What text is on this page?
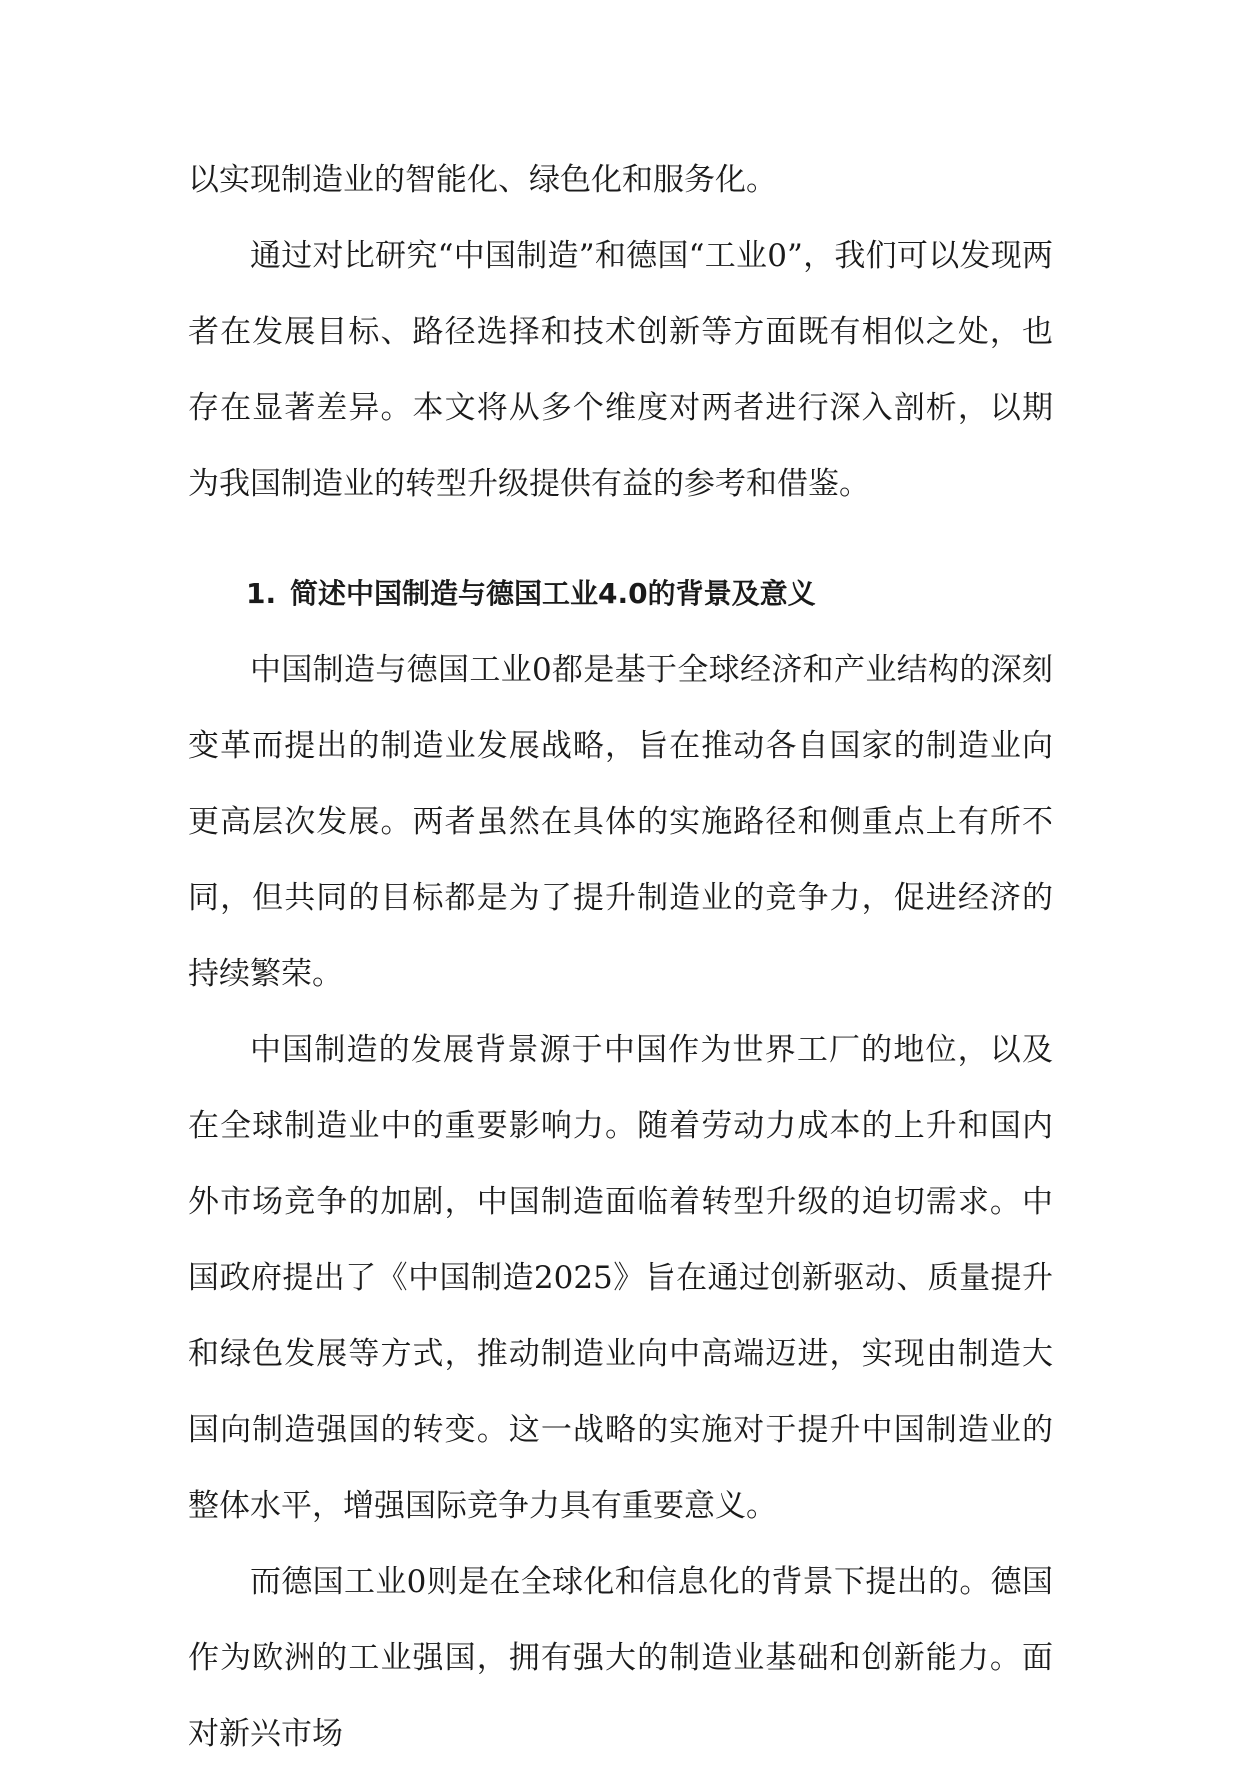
以实现制造业的智能化、绿色化和服务化。

通过对比研究“中国制造”和德国“工业0”，我们可以发现两者在发展目标、路径选择和技术创新等方面既有相似之处，也存在显著差异。本文将从多个维度对两者进行深入剖析，以期为我国制造业的转型升级提供有益的参考和借鉴。

1. 简述中国制造与德国工业4.0的背景及意义

中国制造与德国工业0都是基于全球经济和产业结构的深刻变革而提出的制造业发展战略，旨在推动各自国家的制造业向更高层次发展。两者虽然在具体的实施路径和侧重点上有所不同，但共同的目标都是为了提升制造业的竞争力，促进经济的持续繁荣。

中国制造的发展背景源于中国作为世界工厂的地位，以及在全球制造业中的重要影响力。随着劳动力成本的上升和国内外市场竞争的加剧，中国制造面临着转型升级的迫切需求。中国政府提出了《中国制造2025》旨在通过创新驱动、质量提升和绿色发展等方式，推动制造业向中高端迈进，实现由制造大国向制造强国的转变。这一战略的实施对于提升中国制造业的整体水平，增强国际竞争力具有重要意义。

而德国工业0则是在全球化和信息化的背景下提出的。德国作为欧洲的工业强国，拥有强大的制造业基础和创新能力。面对新兴市场
